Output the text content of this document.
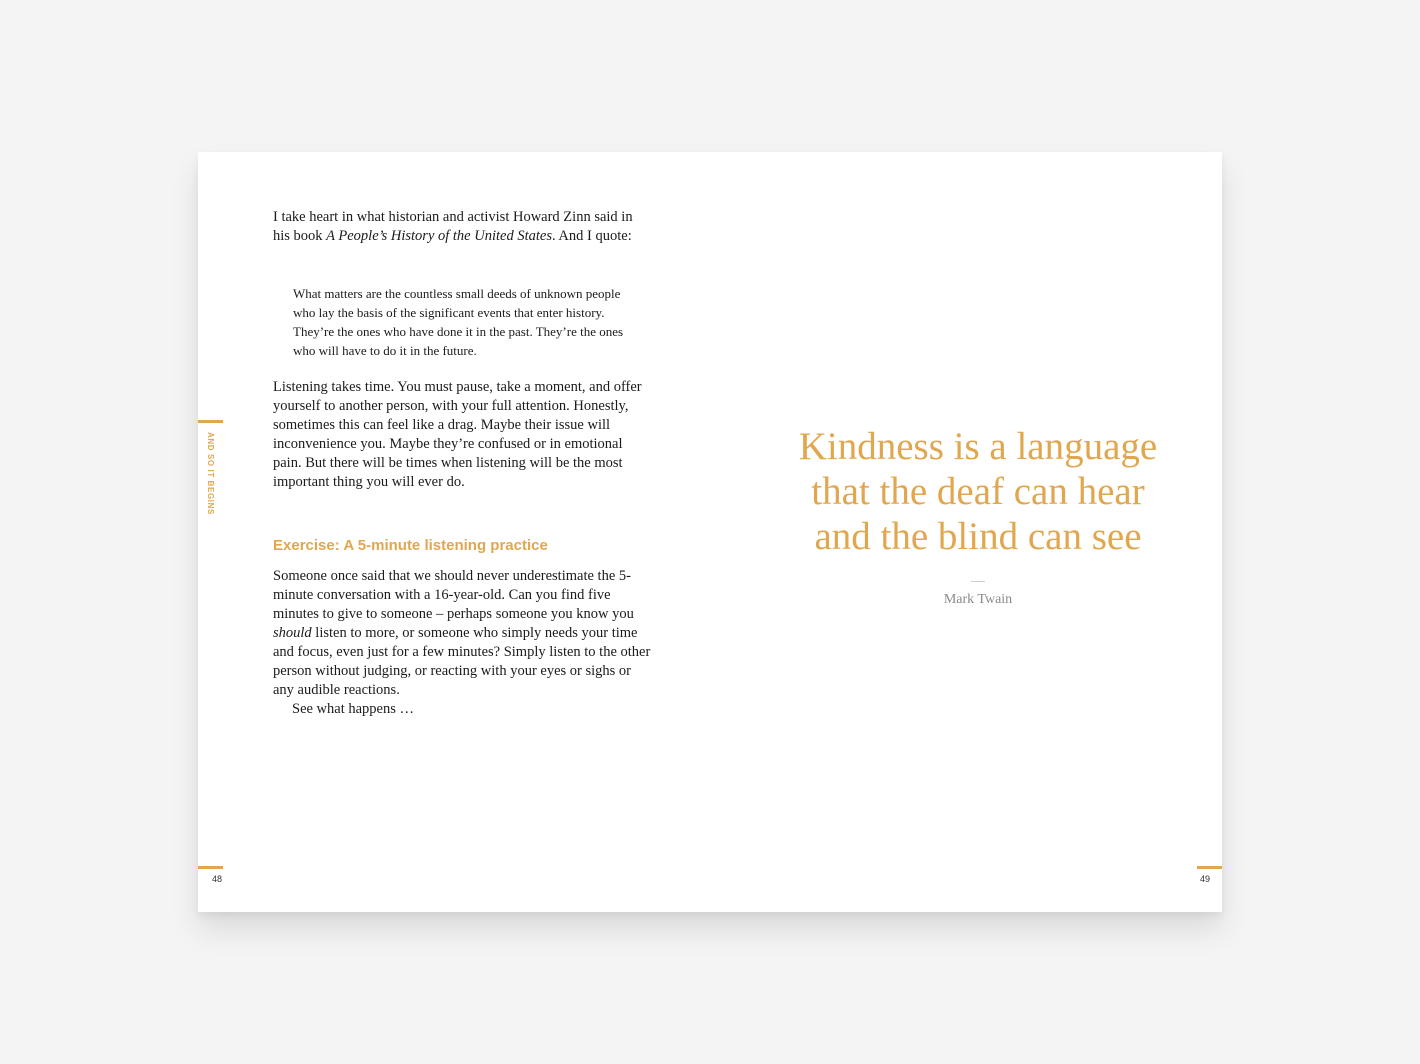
I take heart in what historian and activist Howard Zinn said in his book A People’s History of the United States. And I quote:

What matters are the countless small deeds of unknown people who lay the basis of the significant events that enter history. They’re the ones who have done it in the past. They’re the ones who will have to do it in the future.

Listening takes time. You must pause, take a moment, and offer yourself to another person, with your full attention. Honestly, sometimes this can feel like a drag. Maybe their issue will inconvenience you. Maybe they’re confused or in emotional pain. But there will be times when listening will be the most important thing you will ever do.

Exercise: A 5-minute listening practice

Someone once said that we should never underestimate the 5-minute conversation with a 16-year-old. Can you find five minutes to give to someone – perhaps someone you know you should listen to more, or someone who simply needs your time and focus, even just for a few minutes? Simply listen to the other person without judging, or reacting with your eyes or sighs or any audible reactions.
See what happens …

AND SO IT BEGINS
48
Kindness is a language
that the deaf can hear
and the blind can see

Mark Twain

49
